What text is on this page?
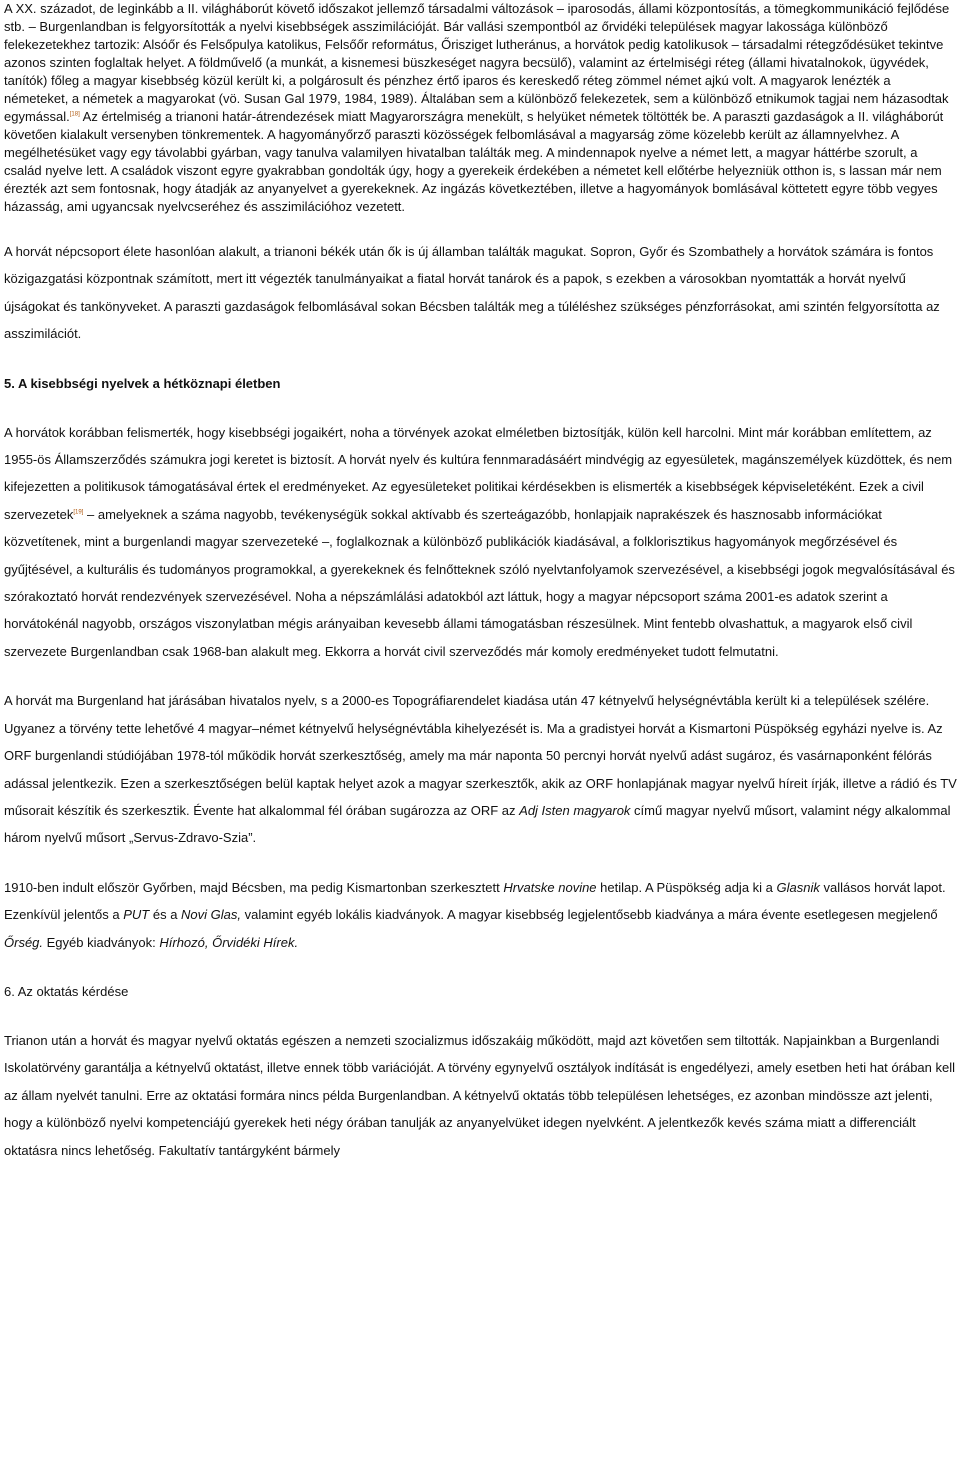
A XX. századot, de leginkább a II. világháborút követő időszakot jellemző társadalmi változások – iparosodás, állami központosítás, a tömegkommunikáció fejlődése stb. – Burgenlandban is felgyorsították a nyelvi kisebbségek asszimilációját. Bár vallási szempontból az őrvidéki települések magyar lakossága különböző felekezetekhez tartozik: Alsóőr és Felsőpulya katolikus, Felsőőr református, Őrisziget lutheránus, a horvátok pedig katolikusok – társadalmi rétegződésüket tekintve azonos szinten foglaltak helyet. A földművelő (a munkát, a kisnemesi büszkeséget nagyra becsülő), valamint az értelmiségi réteg (állami hivatalnokok, ügyvédek, tanítók) főleg a magyar kisebbség közül került ki, a polgárosult és pénzhez értő iparos és kereskedő réteg zömmel német ajkú volt. A magyarok lenézték a németeket, a németek a magyarokat (vö. Susan Gal 1979, 1984, 1989). Általában sem a különböző felekezetek, sem a különböző etnikumok tagjai nem házasodtak egymással.[18] Az értelmiség a trianoni határ-átrendezések miatt Magyarországra menekült, s helyüket németek töltötték be. A paraszti gazdaságok a II. világháborút követően kialakult versenyben tönkrementek. A hagyományőrző paraszti közösségek felbomlásával a magyarság zöme közelebb került az államnyelvhez. A megélhetésüket vagy egy távolabbi gyárban, vagy tanulva valamilyen hivatalban találták meg. A mindennapok nyelve a német lett, a magyar háttérbe szorult, a család nyelve lett. A családok viszont egyre gyakrabban gondolták úgy, hogy a gyerekeik érdekében a németet kell előtérbe helyezniük otthon is, s lassan már nem érezték azt sem fontosnak, hogy átadják az anyanyelvet a gyerekeknek. Az ingázás következtében, illetve a hagyományok bomlásával köttetett egyre több vegyes házasság, ami ugyancsak nyelvcseréhez és asszimilációhoz vezetett.

A horvát népcsoport élete hasonlóan alakult, a trianoni békék után ők is új államban találták magukat. Sopron, Győr és Szombathely a horvátok számára is fontos közigazgatási központnak számított, mert itt végezték tanulmányaikat a fiatal horvát tanárok és a papok, s ezekben a városokban nyomtatták a horvát nyelvű újságokat és tankönyveket. A paraszti gazdaságok felbomlásával sokan Bécsben találták meg a túléléshez szükséges pénzforrásokat, ami szintén felgyorsította az asszimilációt.

5. A kisebbségi nyelvek a hétköznapi életben

A horvátok korábban felismerték, hogy kisebbségi jogaikért, noha a törvények azokat elméletben biztosítják, külön kell harcolni. Mint már korábban említettem, az 1955-ös Államszerződés számukra jogi keretet is biztosít. A horvát nyelv és kultúra fennmaradásáért mindvégig az egyesületek, magánszemélyek küzdöttek, és nem kifejezetten a politikusok támogatásával értek el eredményeket. Az egyesületeket politikai kérdésekben is elismerték a kisebbségek képviseletéként. Ezek a civil szervezetek[19] – amelyeknek a száma nagyobb, tevékenységük sokkal aktívabb és szerteágazóbb, honlapjaik naprakészek és hasznosabb információkat közvetítenek, mint a burgenlandi magyar szervezeteké –, foglalkoznak a különböző publikációk kiadásával, a folklorisztikus hagyományok megőrzésével és gyűjtésével, a kulturális és tudományos programokkal, a gyerekeknek és felnőtteknek szóló nyelvtanfolyamok szervezésével, a kisebbségi jogok megvalósításával és szórakoztató horvát rendezvények szervezésével. Noha a népszámlálási adatokból azt láttuk, hogy a magyar népcsoport száma 2001-es adatok szerint a horvátokénál nagyobb, országos viszonylatban mégis arányaiban kevesebb állami támogatásban részesülnek. Mint fentebb olvashattuk, a magyarok első civil szervezete Burgenlandban csak 1968-ban alakult meg. Ekkorra a horvát civil szerveződés már komoly eredményeket tudott felmutatni.

A horvát ma Burgenland hat járásában hivatalos nyelv, s a 2000-es Topográfiarendelet kiadása után 47 kétnyelvű helységnévtábla került ki a települések szélére. Ugyanez a törvény tette lehetővé 4 magyar–német kétnyelvű helységnévtábla kihelyezését is. Ma a gradistyei horvát a Kismartoni Püspökség egyházi nyelve is. Az ORF burgenlandi stúdiójában 1978-tól működik horvát szerkesztőség, amely ma már naponta 50 percnyi horvát nyelvű adást sugároz, és vasárnaponként félórás adással jelentkezik. Ezen a szerkesztőségen belül kaptak helyet azok a magyar szerkesztők, akik az ORF honlapjának magyar nyelvű híreit írják, illetve a rádió és TV műsorait készítik és szerkesztik. Évente hat alkalommal fél órában sugározza az ORF az Adj Isten magyarok című magyar nyelvű műsort, valamint négy alkalommal három nyelvű műsort „Servus-Zdravo-Szia”.

1910-ben indult először Győrben, majd Bécsben, ma pedig Kismartonban szerkesztett Hrvatske novine hetilap. A Püspökség adja ki a Glasnik vallásos horvát lapot. Ezenkívül jelentős a PUT és a Novi Glas, valamint egyéb lokális kiadványok. A magyar kisebbség legjelentősebb kiadványa a mára évente esetlegesen megjelenő Őrség. Egyéb kiadványok: Hírhozó, Őrvidéki Hírek.

6. Az oktatás kérdése

Trianon után a horvát és magyar nyelvű oktatás egészen a nemzeti szocializmus időszakáig működött, majd azt követően sem tiltották. Napjainkban a Burgenlandi Iskolatörvény garantálja a kétnyelvű oktatást, illetve ennek több variációját. A törvény egynyelvű osztályok indítását is engedélyezi, amely esetben heti hat órában kell az állam nyelvét tanulni. Erre az oktatási formára nincs példa Burgenlandban. A kétnyelvű oktatás több településen lehetséges, ez azonban mindössze azt jelenti, hogy a különböző nyelvi kompetenciájú gyerekek heti négy órában tanulják az anyanyelvüket idegen nyelvként. A jelentkezők kevés száma miatt a differenciált oktatásra nincs lehetőség. Fakultatív tantárgyként bármely
